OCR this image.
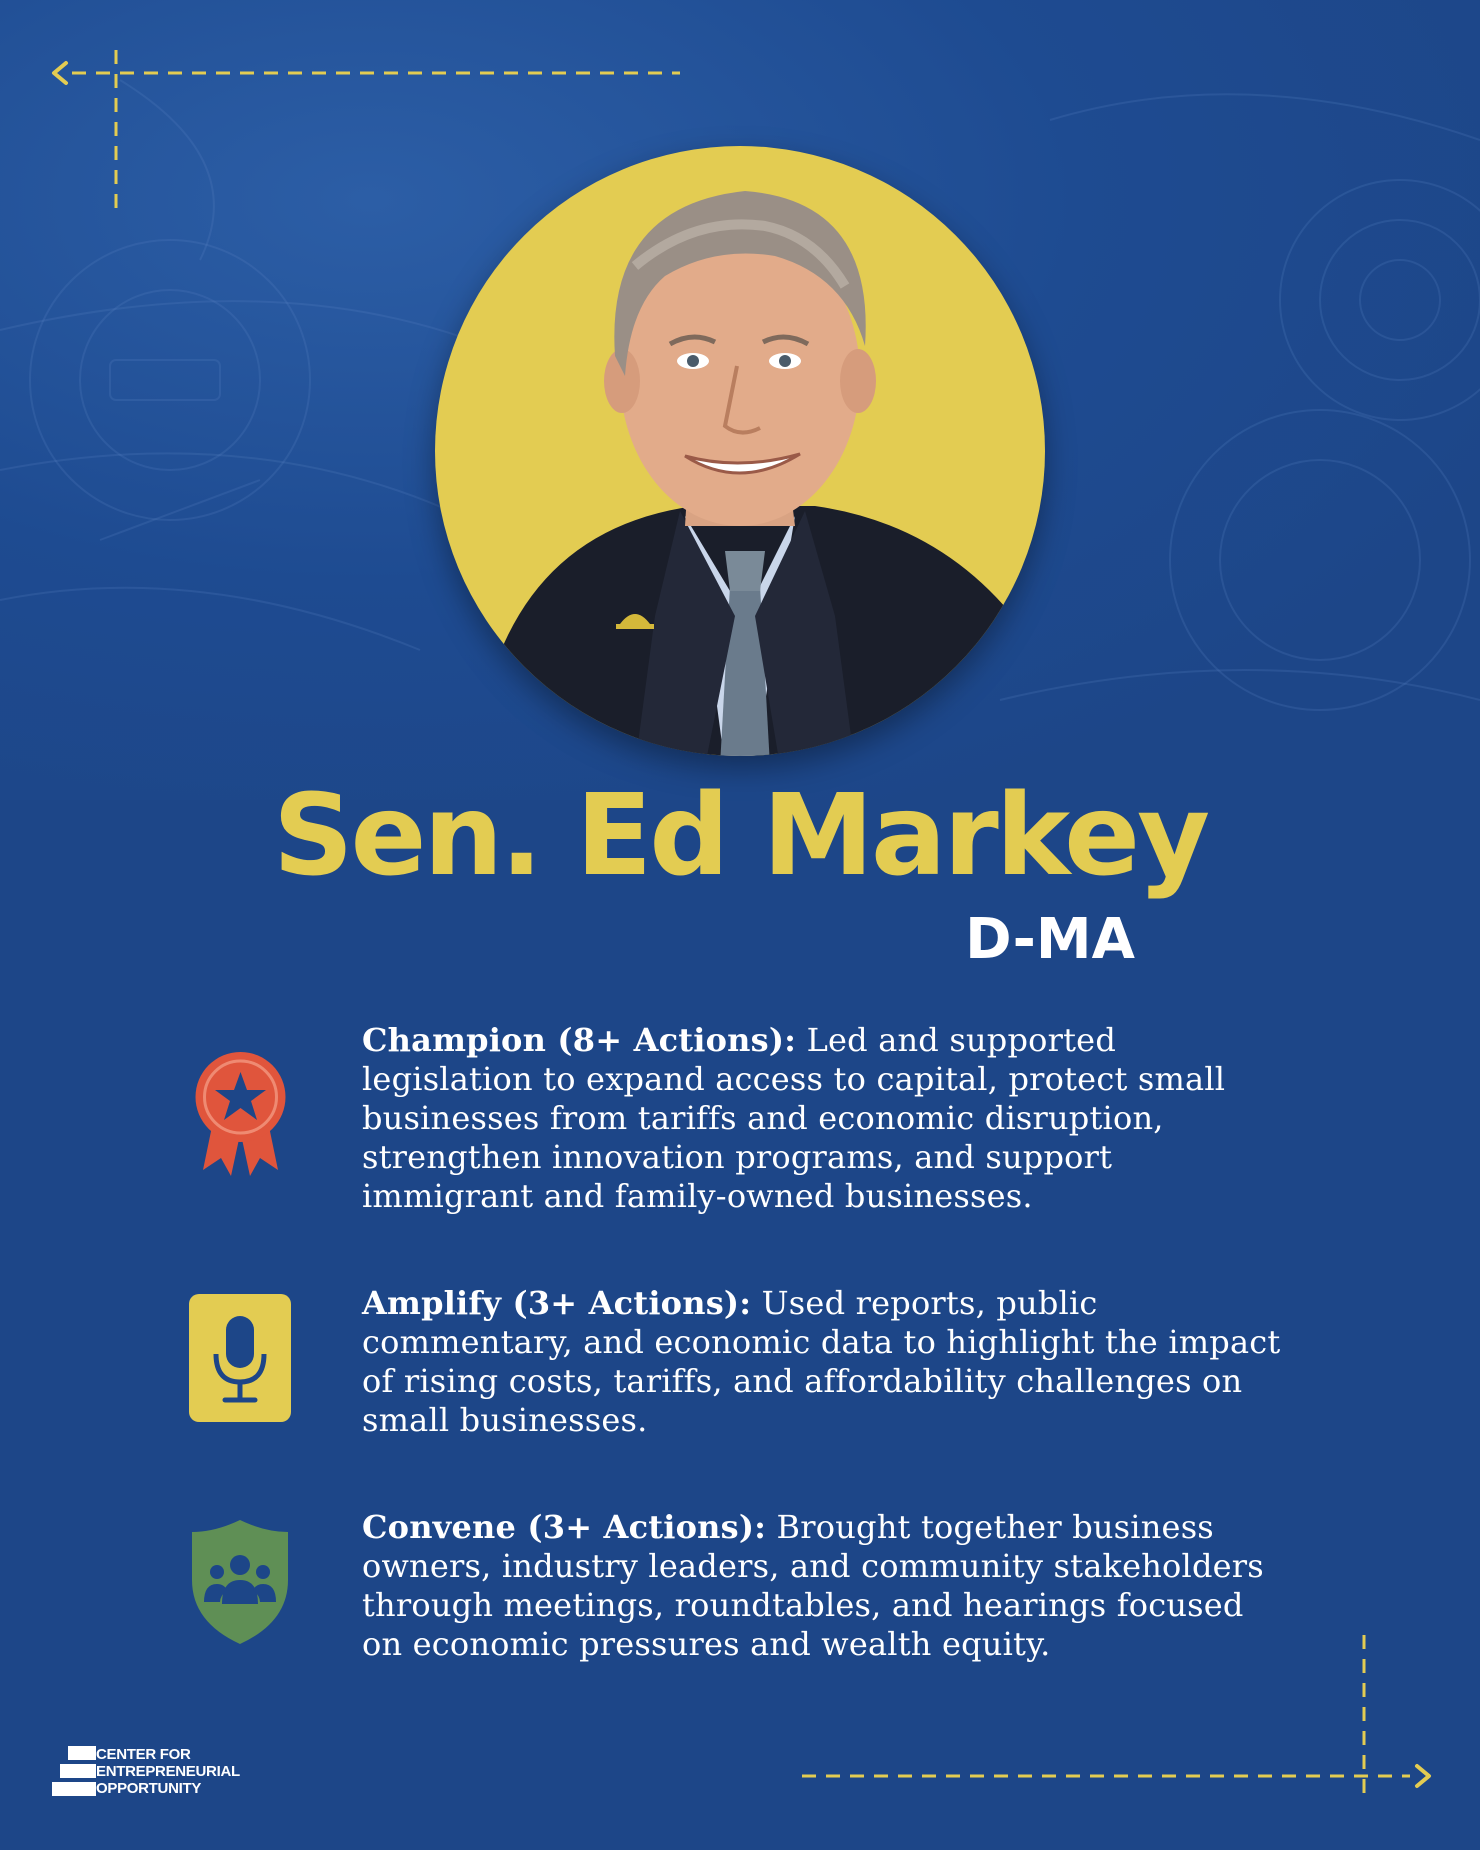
Sen. Ed Markey
D-MA
Champion (8+ Actions): Led and supported legislation to expand access to capital, protect small businesses from tariffs and economic disruption, strengthen innovation programs, and support immigrant and family-owned businesses.
Amplify (3+ Actions): Used reports, public commentary, and economic data to highlight the impact of rising costs, tariffs, and affordability challenges on small businesses.
Convene (3+ Actions): Brought together business owners, industry leaders, and community stakeholders through meetings, roundtables, and hearings focused on economic pressures and wealth equity.
CENTER FOR
ENTREPRENEURIAL
OPPORTUNITY
